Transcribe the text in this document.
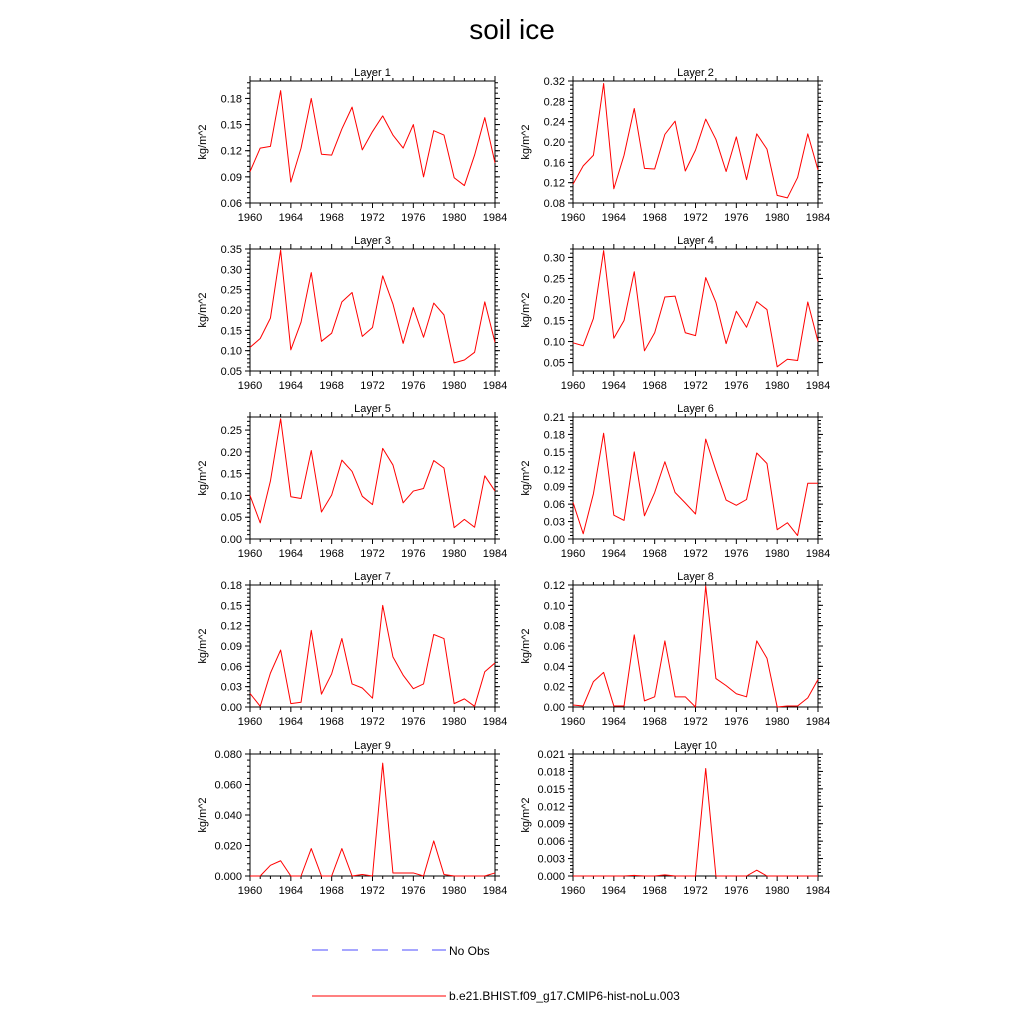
soil ice
Layer 1
kg/m^2
1960 1964 1968 1972 1976 1980 1984
0.06
0.09
0.12
0.15
0.18
Layer 2
kg/m^2
1960 1964 1968 1972 1976 1980 1984
0.08
0.12
0.16
0.20
0.24
0.28
0.32
Layer 3
kg/m^2
1960 1964 1968 1972 1976 1980 1984
0.05
0.10
0.15
0.20
0.25
0.30
0.35
Layer 4
kg/m^2
1960 1964 1968 1972 1976 1980 1984
0.05
0.10
0.15
0.20
0.25
0.30
Layer 5
kg/m^2
1960 1964 1968 1972 1976 1980 1984
0.00
0.05
0.10
0.15
0.20
0.25
Layer 6
kg/m^2
1960 1964 1968 1972 1976 1980 1984
0.00
0.03
0.06
0.09
0.12
0.15
0.18
0.21
Layer 7
kg/m^2
1960 1964 1968 1972 1976 1980 1984
0.00
0.03
0.06
0.09
0.12
0.15
0.18
Layer 8
kg/m^2
1960 1964 1968 1972 1976 1980 1984
0.00
0.02
0.04
0.06
0.08
0.10
0.12
Layer 9
kg/m^2
1960 1964 1968 1972 1976 1980 1984
0.000
0.020
0.040
0.060
0.080
Layer 10
kg/m^2
1960 1964 1968 1972 1976 1980 1984
0.000
0.003
0.006
0.009
0.012
0.015
0.018
0.021
No Obs
b.e21.BHIST.f09_g17.CMIP6-hist-noLu.003
